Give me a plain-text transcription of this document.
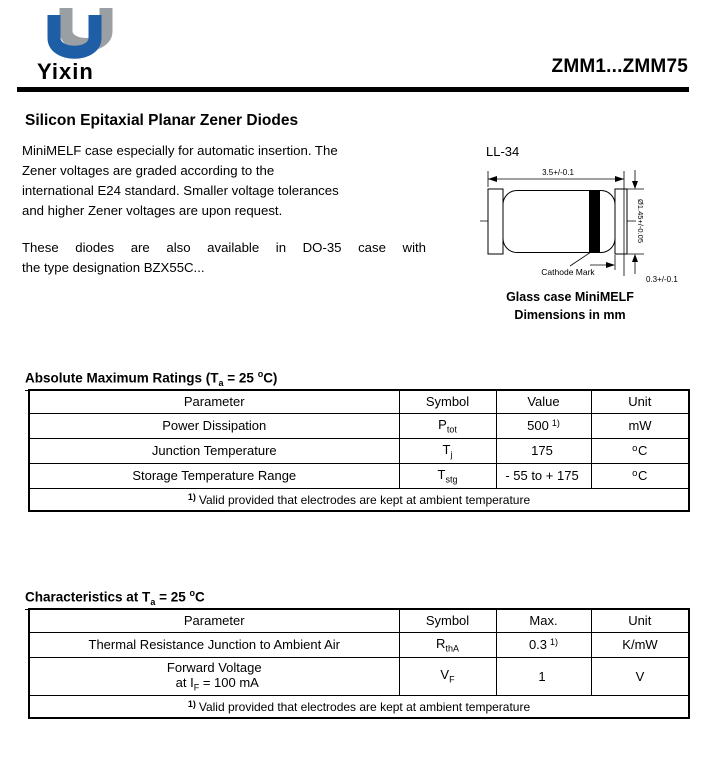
Yixin	ZMM1...ZMM75
Silicon Epitaxial Planar Zener Diodes
MiniMELF case especially for automatic insertion. The
Zener voltages are graded according to the
international E24 standard. Smaller voltage tolerances
and higher Zener voltages are upon request.
These diodes are also available in DO-35 case with
the type designation BZX55C...
LL-34
3.5+/-0.1
Ø1.45+/-0.05
0.3+/-0.1
Cathode Mark
Glass case MiniMELF
Dimensions in mm
Absolute Maximum Ratings ($T_a = 25$ $^o$C)
Parameter	Symbol	Value	Unit
Power Dissipation	$P_{tot}$	500 $^{1)}$	mW
Junction Temperature	$T_j$	175	$^o$C
Storage Temperature Range	$T_{stg}$	- 55 to + 175	$^o$C
$^{1)}$ Valid provided that electrodes are kept at ambient temperature			
Characteristics at $T_a = 25$ $^o$C
Parameter	Symbol	Max.	Unit
Thermal Resistance Junction to Ambient Air	$R_{thA}$	0.3 $^{1)}$	K/mW

Forward Voltage
at $I_F = 100$ mA	$V_F$	1	V
$^{1)}$ Valid provided that electrodes are kept at ambient temperature			
